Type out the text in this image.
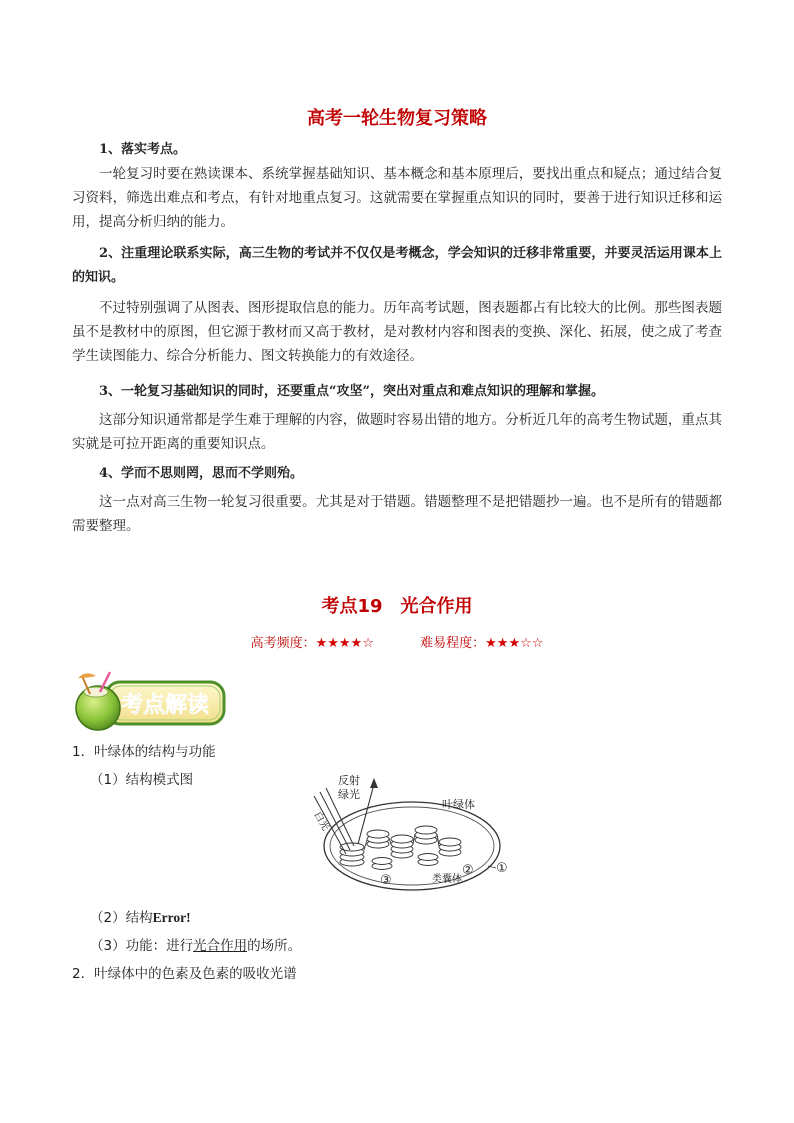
高考一轮生物复习策略
1、落实考点。
一轮复习时要在熟读课本、系统掌握基础知识、基本概念和基本原理后，要找出重点和疑点；通过结合复习资料，筛选出难点和考点，有针对地重点复习。这就需要在掌握重点知识的同时，要善于进行知识迁移和运用，提高分析归纳的能力。
2、注重理论联系实际，高三生物的考试并不仅仅是考概念，学会知识的迁移非常重要，并要灵活运用课本上的知识。
不过特别强调了从图表、图形提取信息的能力。历年高考试题，图表题都占有比较大的比例。那些图表题虽不是教材中的原图，但它源于教材而又高于教材，是对教材内容和图表的变换、深化、拓展，使之成了考查学生读图能力、综合分析能力、图文转换能力的有效途径。
3、一轮复习基础知识的同时，还要重点“攻坚”，突出对重点和难点知识的理解和掌握。
这部分知识通常都是学生难于理解的内容，做题时容易出错的地方。分析近几年的高考生物试题，重点其实就是可拉开距离的重要知识点。
4、学而不思则罔，思而不学则殆。
这一点对高三生物一轮复习很重要。尤其是对于错题。错题整理不是把错题抄一遍。也不是所有的错题都需要整理。
考点19　光合作用
高考频度：★★★★☆	难易程度：★★★☆☆
考点解读
1．叶绿体的结构与功能
（1）结构模式图
白光
反射
绿光
叶绿体
② ①
③	类囊体
（2）结构Error!
（3）功能：进行光合作用的场所。
2．叶绿体中的色素及色素的吸收光谱
